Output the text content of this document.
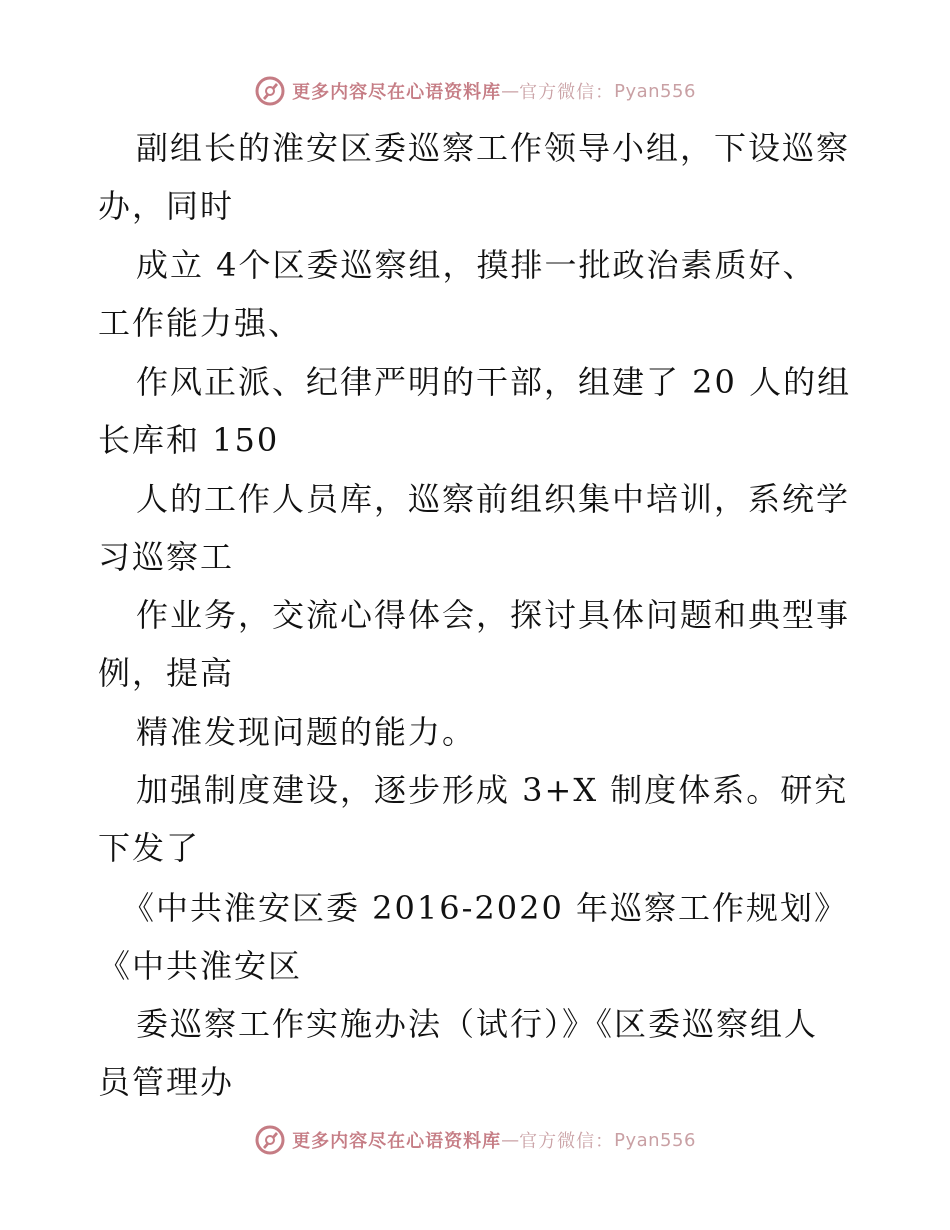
更多内容尽在心语资料库 — 官方微信： Pyan556
副组长的淮安区委巡察工作领导小组，下设巡察
办，同时
成立 4个区委巡察组，摸排一批政治素质好、
工作能力强、
作风正派、纪律严明的干部，组建了 20 人的组
长库和 150
人的工作人员库，巡察前组织集中培训，系统学
习巡察工
作业务，交流心得体会，探讨具体问题和典型事
例，提高
精准发现问题的能力。
加强制度建设，逐步形成 3+X 制度体系。研究
下发了
《中共淮安区委 2016-2020 年巡察工作规划》
《中共淮安区
委巡察工作实施办法（试行）》《区委巡察组人
员管理办
更多内容尽在心语资料库 — 官方微信： Pyan556
